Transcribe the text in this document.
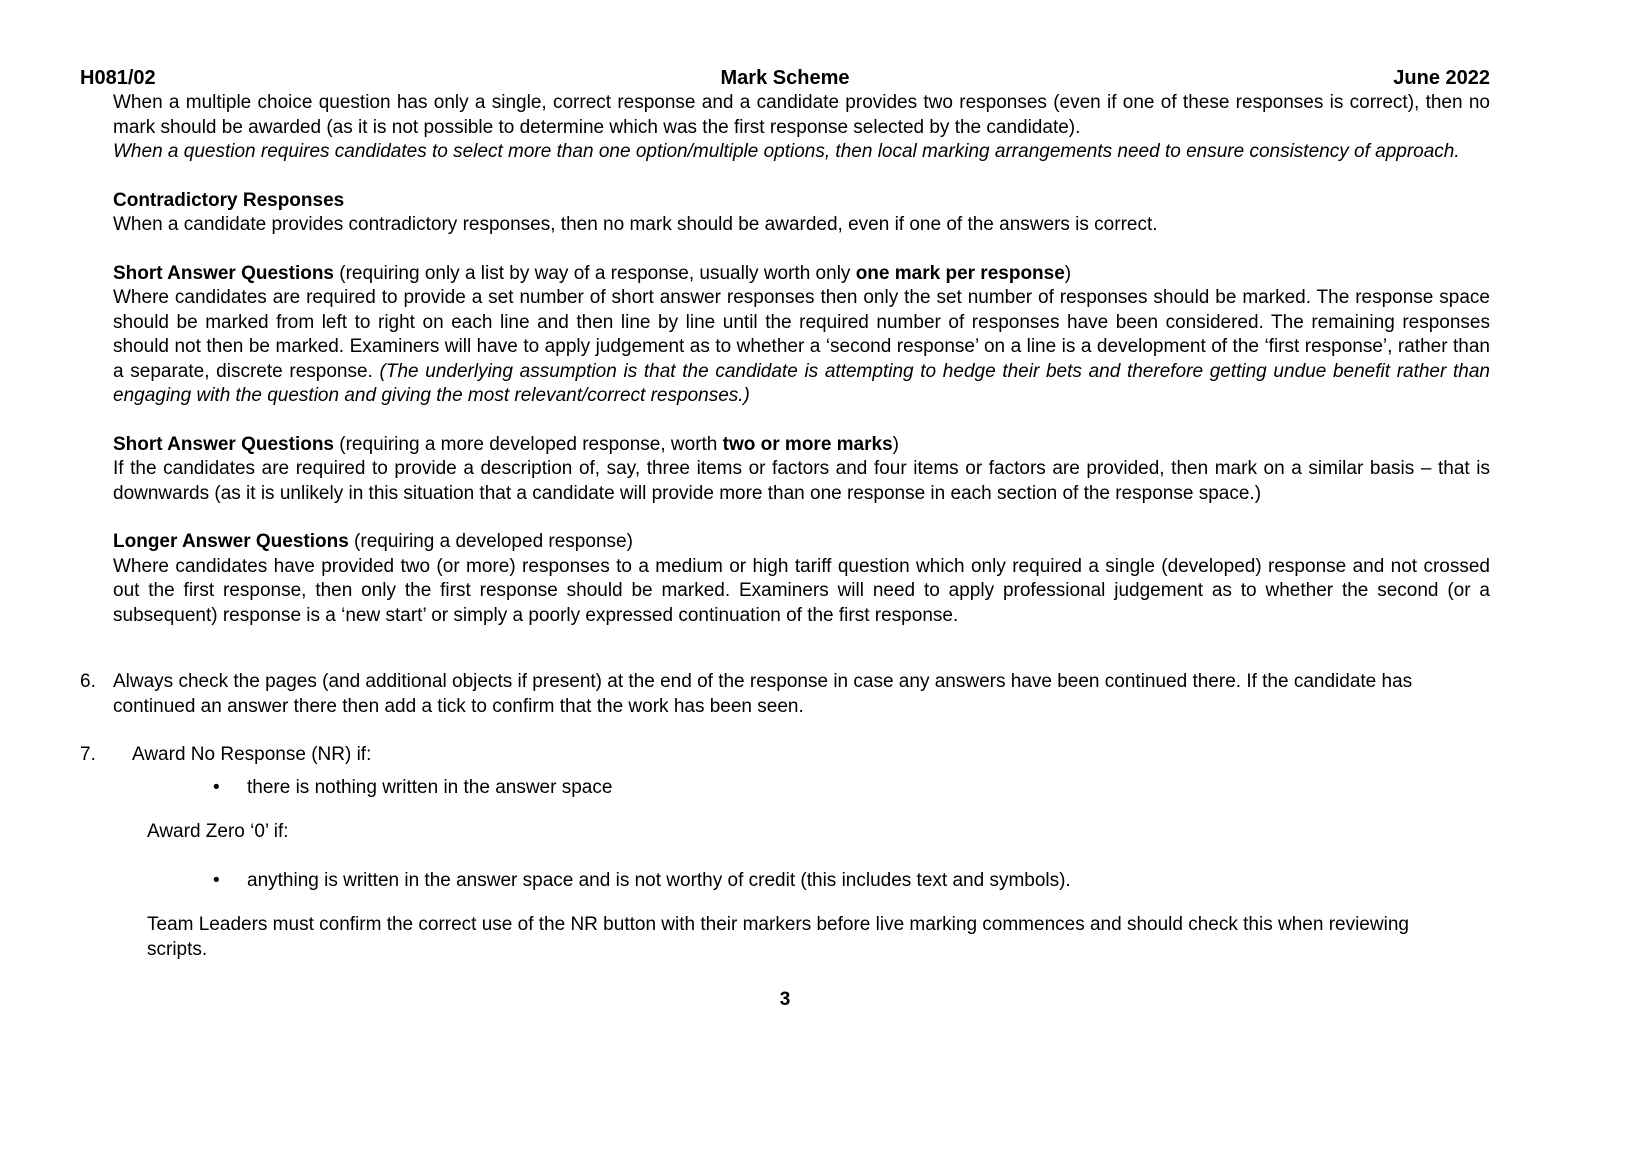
H081/02	Mark Scheme	June 2022

When a multiple choice question has only a single, correct response and a candidate provides two responses (even if one of these responses is correct), then no mark should be awarded (as it is not possible to determine which was the first response selected by the candidate).

When a question requires candidates to select more than one option/multiple options, then local marking arrangements need to ensure consistency of approach.

Contradictory Responses

When a candidate provides contradictory responses, then no mark should be awarded, even if one of the answers is correct.

Short Answer Questions (requiring only a list by way of a response, usually worth only one mark per response)

Where candidates are required to provide a set number of short answer responses then only the set number of responses should be marked. The response space should be marked from left to right on each line and then line by line until the required number of responses have been considered. The remaining responses should not then be marked. Examiners will have to apply judgement as to whether a ‘second response’ on a line is a development of the ‘first response’, rather than a separate, discrete response. (The underlying assumption is that the candidate is attempting to hedge their bets and therefore getting undue benefit rather than engaging with the question and giving the most relevant/correct responses.)

Short Answer Questions (requiring a more developed response, worth two or more marks)

If the candidates are required to provide a description of, say, three items or factors and four items or factors are provided, then mark on a similar basis – that is downwards (as it is unlikely in this situation that a candidate will provide more than one response in each section of the response space.)

Longer Answer Questions (requiring a developed response)

Where candidates have provided two (or more) responses to a medium or high tariff question which only required a single (developed) response and not crossed out the first response, then only the first response should be marked. Examiners will need to apply professional judgement as to whether the second (or a subsequent) response is a ‘new start’ or simply a poorly expressed continuation of the first response.

6. Always check the pages (and additional objects if present) at the end of the response in case any answers have been continued there. If the candidate has continued an answer there then add a tick to confirm that the work has been seen.

7.	Award No Response (NR) if:

•	there is nothing written in the answer space

Award Zero ‘0’ if:

•	anything is written in the answer space and is not worthy of credit (this includes text and symbols).

Team Leaders must confirm the correct use of the NR button with their markers before live marking commences and should check this when reviewing scripts.

3
